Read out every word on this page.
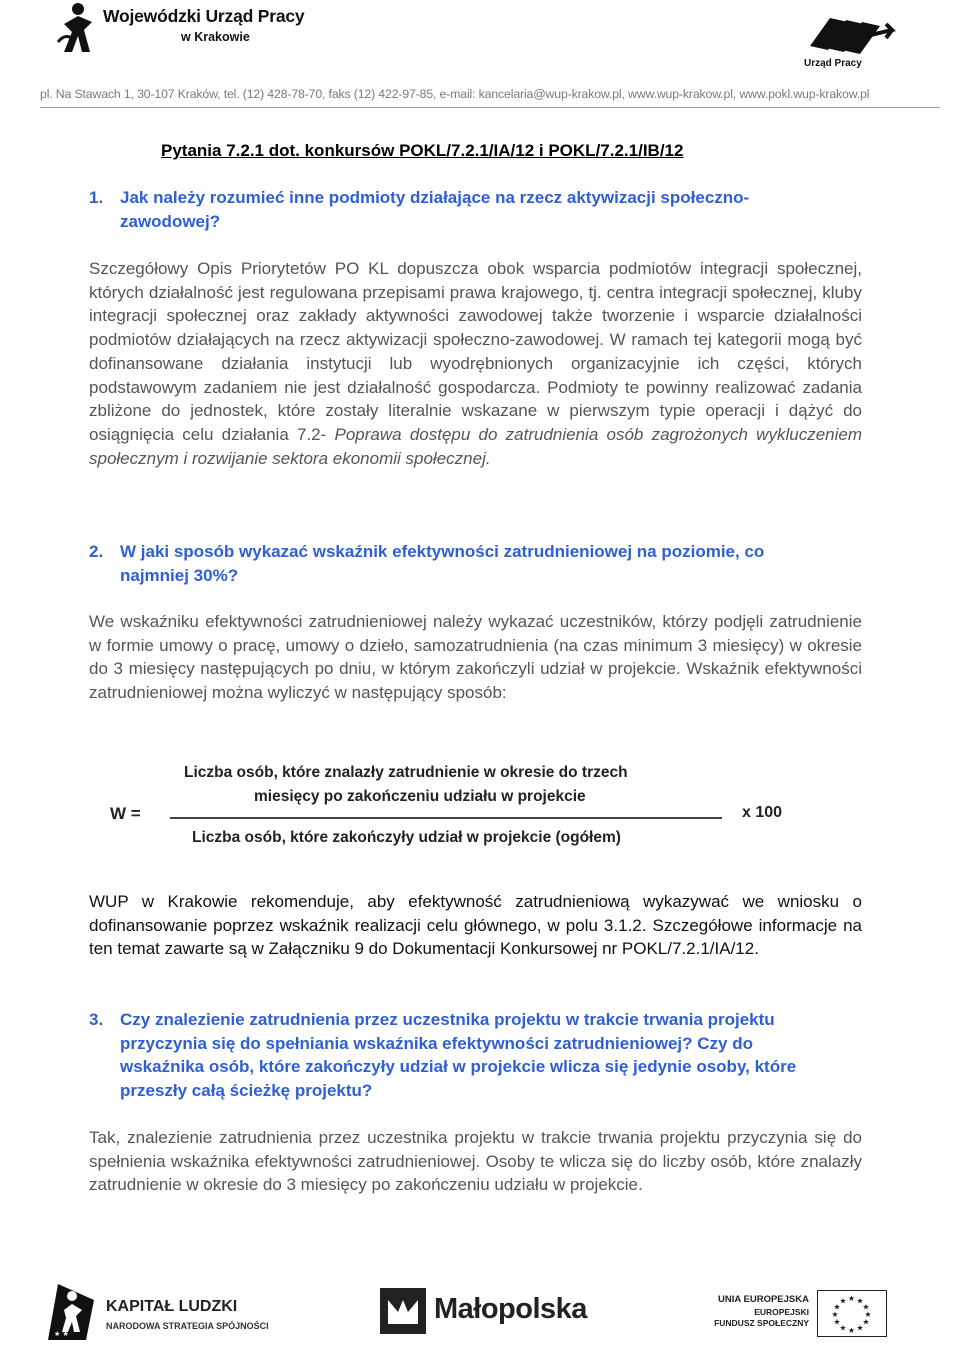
Wojewódzki Urząd Pracy
w Krakowie
Urząd Pracy
pl. Na Stawach 1, 30-107 Kraków, tel. (12) 428-78-70, faks (12) 422-97-85, e-mail: kancelaria@wup-krakow.pl, www.wup-krakow.pl, www.pokl.wup-krakow.pl
Pytania 7.2.1 dot. konkursów POKL/7.2.1/IA/12 i POKL/7.2.1/IB/12
1. Jak należy rozumieć inne podmioty działające na rzecz aktywizacji społeczno-zawodowej?
Szczegółowy Opis Priorytetów PO KL dopuszcza obok wsparcia podmiotów integracji społecznej, których działalność jest regulowana przepisami prawa krajowego, tj. centra integracji społecznej, kluby integracji społecznej oraz zakłady aktywności zawodowej także tworzenie i wsparcie działalności podmiotów działających na rzecz aktywizacji społeczno-zawodowej. W ramach tej kategorii mogą być dofinansowane działania instytucji lub wyodrębnionych organizacyjnie ich części, których podstawowym zadaniem nie jest działalność gospodarcza. Podmioty te powinny realizować zadania zbliżone do jednostek, które zostały literalnie wskazane w pierwszym typie operacji i dążyć do osiągnięcia celu działania 7.2- Poprawa dostępu do zatrudnienia osób zagrożonych wykluczeniem społecznym i rozwijanie sektora ekonomii społecznej.
2. W jaki sposób wykazać wskaźnik efektywności zatrudnieniowej na poziomie, co najmniej 30%?
We wskaźniku efektywności zatrudnieniowej należy wykazać uczestników, którzy podjęli zatrudnienie w formie umowy o pracę, umowy o dzieło, samozatrudnienia (na czas minimum 3 miesięcy) w okresie do 3 miesięcy następujących po dniu, w którym zakończyli udział w projekcie. Wskaźnik efektywności zatrudnieniowej można wyliczyć w następujący sposób:
W =
Liczba osób, które znalazły zatrudnienie w okresie do trzech
miesięcy po zakończeniu udziału w projekcie
Liczba osób, które zakończyły udział w projekcie (ogółem)
x 100
WUP w Krakowie rekomenduje, aby efektywność zatrudnieniową wykazywać we wniosku o dofinansowanie poprzez wskaźnik realizacji celu głównego, w polu 3.1.2. Szczegółowe informacje na ten temat zawarte są w Załączniku 9 do Dokumentacji Konkursowej nr POKL/7.2.1/IA/12.
3. Czy znalezienie zatrudnienia przez uczestnika projektu w trakcie trwania projektu przyczynia się do spełniania wskaźnika efektywności zatrudnieniowej? Czy do wskaźnika osób, które zakończyły udział w projekcie wlicza się jedynie osoby, które przeszły całą ścieżkę projektu?
Tak, znalezienie zatrudnienia przez uczestnika projektu w trakcie trwania projektu przyczynia się do spełnienia wskaźnika efektywności zatrudnieniowej. Osoby te wlicza się do liczby osób, które znalazły zatrudnienie w okresie do 3 miesięcy po zakończeniu udziału w projekcie.
★ ★
KAPITAŁ LUDZKI
NARODOWA STRATEGIA SPÓJNOŚCI
Małopolska	UNIA EUROPEJSKA
EUROPEJSKI
FUNDUSZ SPOŁECZNY
★ ★
★
★
★
★
★
★
★
★
★
★
